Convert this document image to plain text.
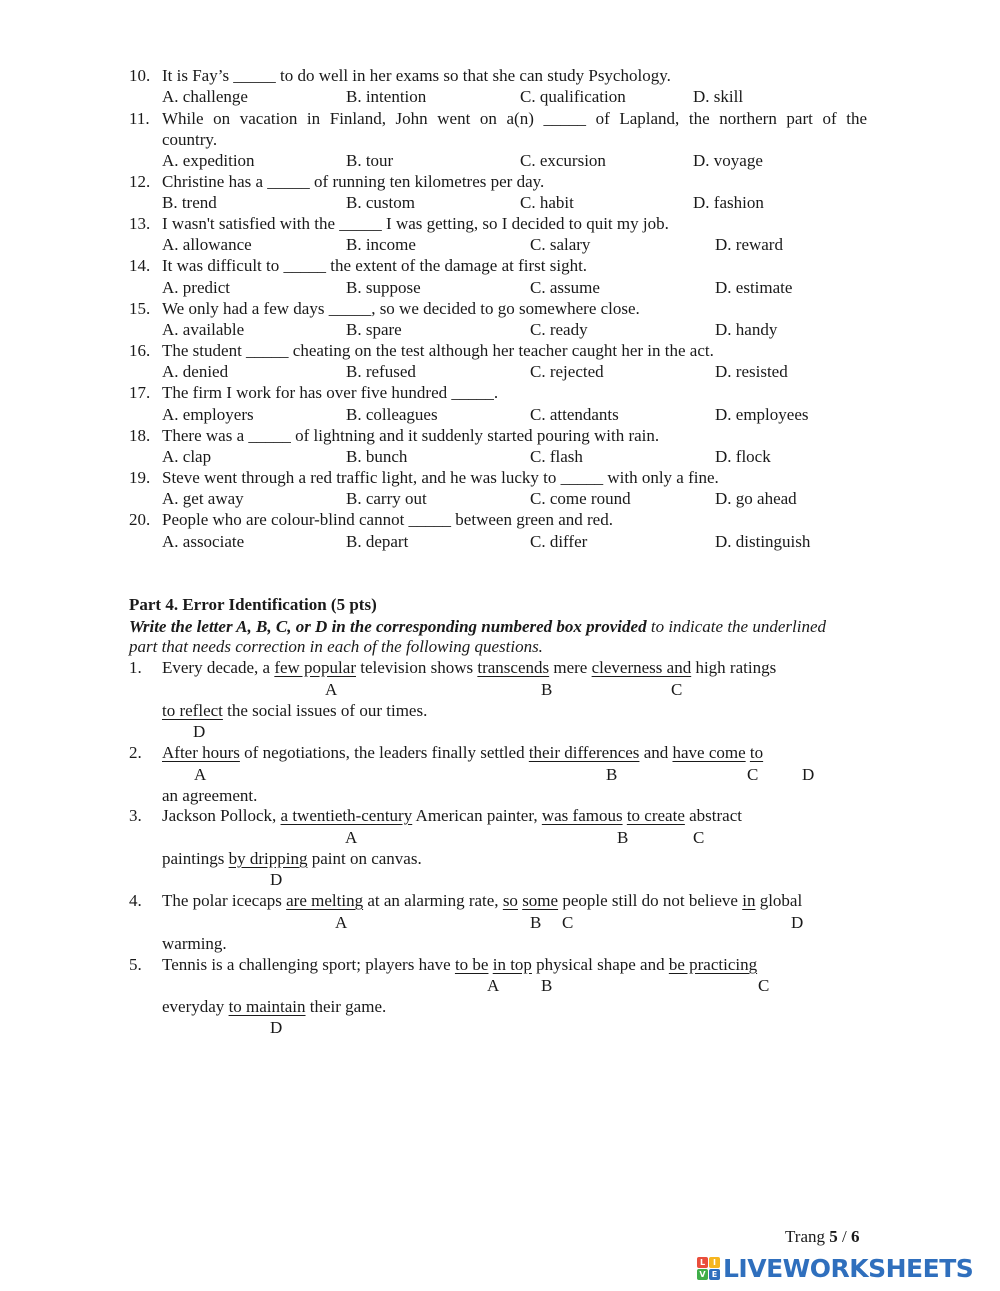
10. It is Fay’s _____ to do well in her exams so that she can study Psychology.
A. challenge	B. intention	C. qualification	D. skill
11. While on vacation in Finland, John went on a(n) _____ of Lapland, the northern part of the
country.
A. expedition	B. tour	C. excursion	D. voyage
12. Christine has a _____ of running ten kilometres per day.
B. trend	B. custom	C. habit	D. fashion
13. I wasn't satisfied with the _____ I was getting, so I decided to quit my job.
A. allowance	B. income	C. salary	D. reward
14. It was difficult to _____ the extent of the damage at first sight.
A. predict	B. suppose	C. assume	D. estimate
15. We only had a few days _____, so we decided to go somewhere close.
A. available	B. spare	C. ready	D. handy
16. The student _____ cheating on the test although her teacher caught her in the act.
A. denied	B. refused	C. rejected	D. resisted
17. The firm I work for has over five hundred _____.
A. employers	B. colleagues	C. attendants	D. employees
18. There was a _____ of lightning and it suddenly started pouring with rain.
A. clap	B. bunch	C. flash	D. flock
19. Steve went through a red traffic light, and he was lucky to _____ with only a fine.
A. get away	B. carry out	C. come round	D. go ahead
20. People who are colour-blind cannot _____ between green and red.
A. associate	B. depart	C. differ	D. distinguish
Part 4. Error Identification (5 pts)
Write the letter A, B, C, or D in the corresponding numbered box provided to indicate the underlined
part that needs correction in each of the following questions.
1. Every decade, a few popular television shows transcends mere cleverness and high ratings
A	B	C
to reflect the social issues of our times.
D
2. After hours of negotiations, the leaders finally settled their differences and have come to
A	B	C	D
an agreement.
3. Jackson Pollock, a twentieth-century American painter, was famous to create abstract
A	B	C
paintings by dripping paint on canvas.
D
4. The polar icecaps are melting at an alarming rate, so some people still do not believe in global
A	B C	D
warming.
5. Tennis is a challenging sport; players have to be in top physical shape and be practicing
A B	C
everyday to maintain their game.
D
Trang 5 / 6
L I
V E LIVEWORKSHEETS
